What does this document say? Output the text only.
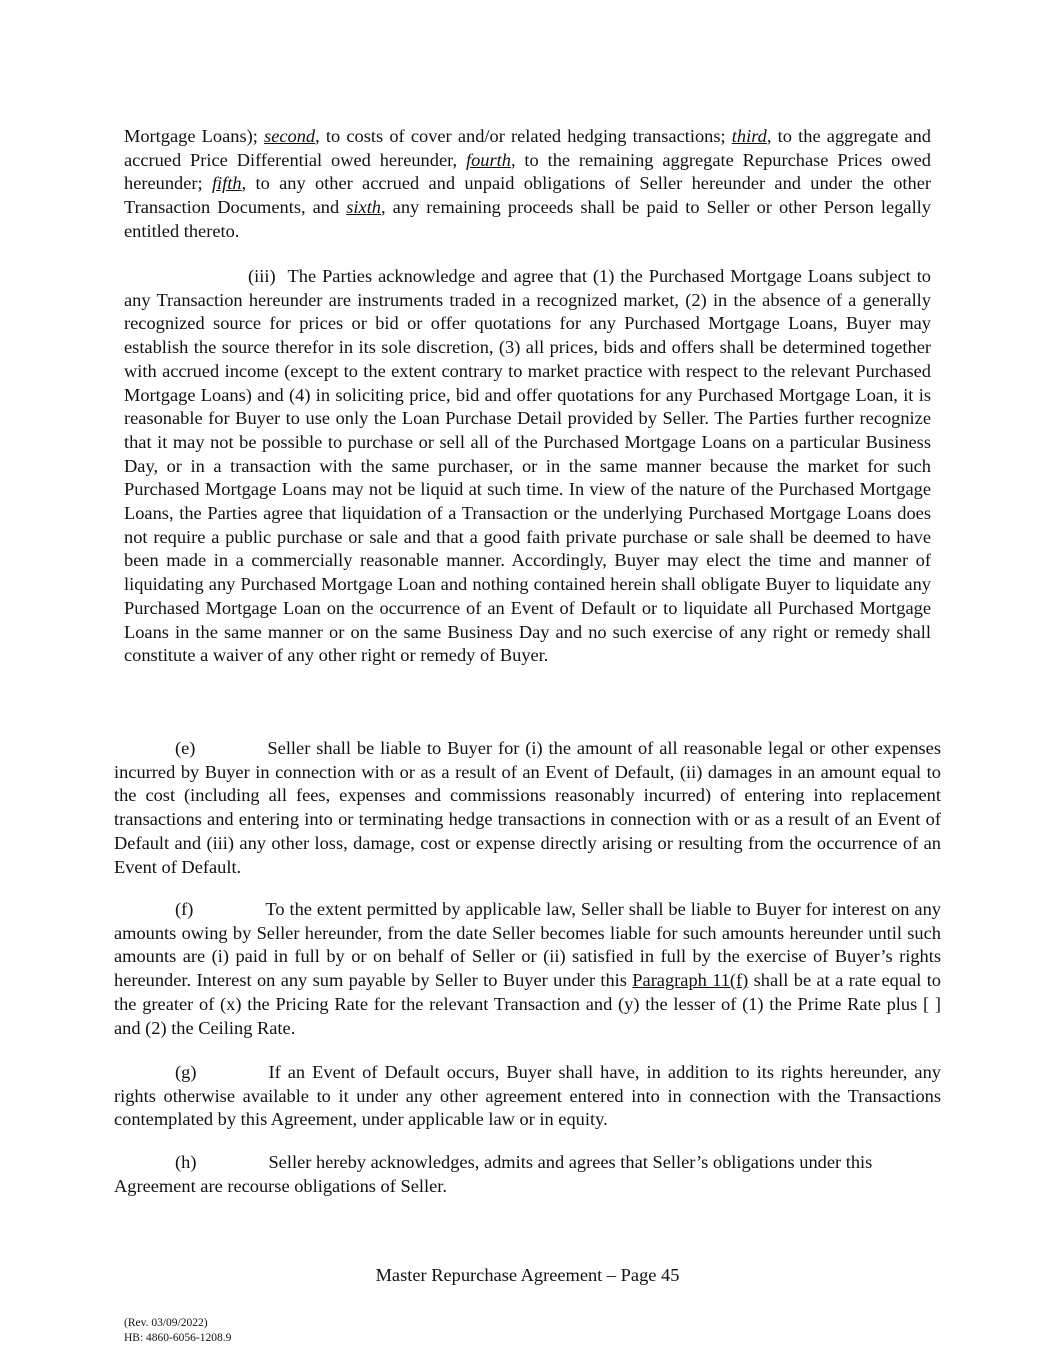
Mortgage Loans); second, to costs of cover and/or related hedging transactions; third, to the aggregate and accrued Price Differential owed hereunder, fourth, to the remaining aggregate Repurchase Prices owed hereunder; fifth, to any other accrued and unpaid obligations of Seller hereunder and under the other Transaction Documents, and sixth, any remaining proceeds shall be paid to Seller or other Person legally entitled thereto.

(iii) The Parties acknowledge and agree that (1) the Purchased Mortgage Loans subject to any Transaction hereunder are instruments traded in a recognized market, (2) in the absence of a generally recognized source for prices or bid or offer quotations for any Purchased Mortgage Loans, Buyer may establish the source therefor in its sole discretion, (3) all prices, bids and offers shall be determined together with accrued income (except to the extent contrary to market practice with respect to the relevant Purchased Mortgage Loans) and (4) in soliciting price, bid and offer quotations for any Purchased Mortgage Loan, it is reasonable for Buyer to use only the Loan Purchase Detail provided by Seller. The Parties further recognize that it may not be possible to purchase or sell all of the Purchased Mortgage Loans on a particular Business Day, or in a transaction with the same purchaser, or in the same manner because the market for such Purchased Mortgage Loans may not be liquid at such time. In view of the nature of the Purchased Mortgage Loans, the Parties agree that liquidation of a Transaction or the underlying Purchased Mortgage Loans does not require a public purchase or sale and that a good faith private purchase or sale shall be deemed to have been made in a commercially reasonable manner. Accordingly, Buyer may elect the time and manner of liquidating any Purchased Mortgage Loan and nothing contained herein shall obligate Buyer to liquidate any Purchased Mortgage Loan on the occurrence of an Event of Default or to liquidate all Purchased Mortgage Loans in the same manner or on the same Business Day and no such exercise of any right or remedy shall constitute a waiver of any other right or remedy of Buyer.

(e)	Seller shall be liable to Buyer for (i) the amount of all reasonable legal or other expenses incurred by Buyer in connection with or as a result of an Event of Default, (ii) damages in an amount equal to the cost (including all fees, expenses and commissions reasonably incurred) of entering into replacement transactions and entering into or terminating hedge transactions in connection with or as a result of an Event of Default and (iii) any other loss, damage, cost or expense directly arising or resulting from the occurrence of an Event of Default.

(f)	To the extent permitted by applicable law, Seller shall be liable to Buyer for interest on any amounts owing by Seller hereunder, from the date Seller becomes liable for such amounts hereunder until such amounts are (i) paid in full by or on behalf of Seller or (ii) satisfied in full by the exercise of Buyer’s rights hereunder. Interest on any sum payable by Seller to Buyer under this Paragraph 11(f) shall be at a rate equal to the greater of (x) the Pricing Rate for the relevant Transaction and (y) the lesser of (1) the Prime Rate plus [ ] and (2) the Ceiling Rate.

(g)	If an Event of Default occurs, Buyer shall have, in addition to its rights hereunder, any rights otherwise available to it under any other agreement entered into in connection with the Transactions contemplated by this Agreement, under applicable law or in equity.

(h)	Seller hereby acknowledges, admits and agrees that Seller’s obligations under this Agreement are recourse obligations of Seller.

Master Repurchase Agreement – Page 45
(Rev. 03/09/2022)
HB: 4860-6056-1208.9
